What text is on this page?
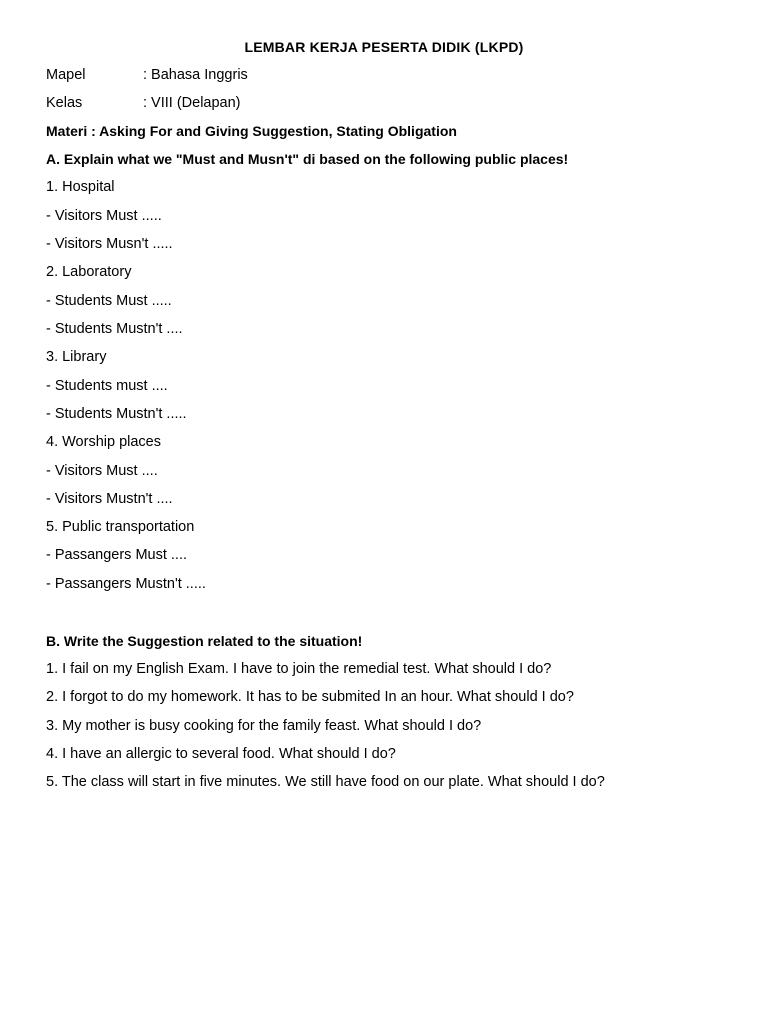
LEMBAR KERJA PESERTA DIDIK (LKPD)
Mapel	: Bahasa Inggris
Kelas	: VIII (Delapan)
Materi : Asking For and Giving Suggestion, Stating Obligation
A. Explain what we "Must and Musn't" di based on the following public places!
1. Hospital
- Visitors Must .....
- Visitors Musn't .....
2. Laboratory
- Students Must .....
- Students Mustn't ....
3. Library
- Students must ....
- Students Mustn't .....
4. Worship places
- Visitors Must ....
- Visitors Mustn't ....
5. Public transportation
- Passangers Must ....
- Passangers Mustn't .....
B. Write the Suggestion related to the situation!
1. I fail on my English Exam. I have to join the remedial test. What should I do?
2. I forgot to do my homework. It has to be submited In an hour. What should I do?
3. My mother is busy cooking for the family feast. What should I do?
4. I have an allergic to several food. What should I do?
5. The class will start in five minutes. We still have food on our plate. What should I do?
